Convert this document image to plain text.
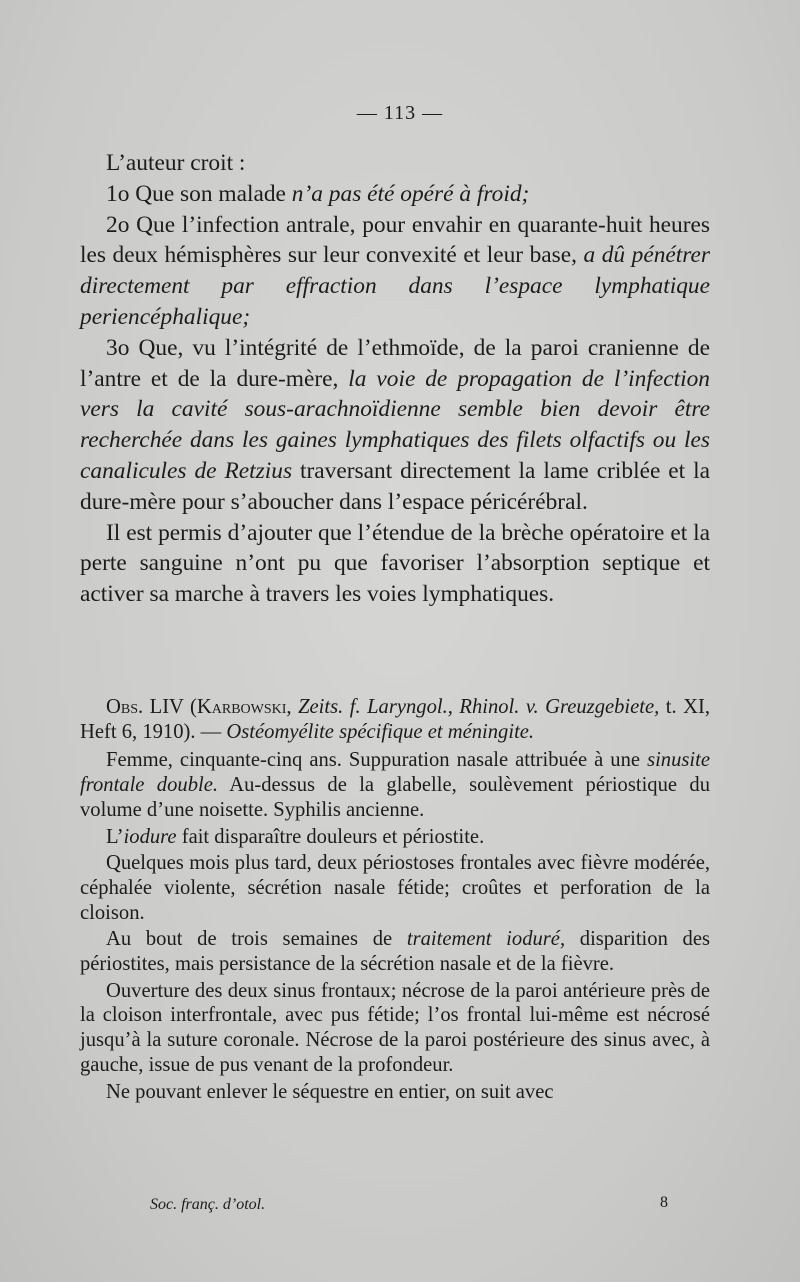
— 113 —

L’auteur croit :

1o Que son malade n’a pas été opéré à froid;

2o Que l’infection antrale, pour envahir en quarante-huit heures les deux hémisphères sur leur convexité et leur base, a dû pénétrer directement par effraction dans l’espace lymphatique periencéphalique;

3o Que, vu l’intégrité de l’ethmoïde, de la paroi cranienne de l’antre et de la dure-mère, la voie de propagation de l’infection vers la cavité sous-arachnoïdienne semble bien devoir être recherchée dans les gaines lymphatiques des filets olfactifs ou les canalicules de Retzius traversant directement la lame criblée et la dure-mère pour s’aboucher dans l’espace péricérébral.

Il est permis d’ajouter que l’étendue de la brèche opératoire et la perte sanguine n’ont pu que favoriser l’absorption septique et activer sa marche à travers les voies lymphatiques.

Obs. LIV (Karbowski, Zeits. f. Laryngol., Rhinol. v. Greuzgebiete, t. XI, Heft 6, 1910). — Ostéomyélite spécifique et méningite.

Femme, cinquante-cinq ans. Suppuration nasale attribuée à une sinusite frontale double. Au-dessus de la glabelle, soulèvement périostique du volume d’une noisette. Syphilis ancienne.

L’iodure fait disparaître douleurs et périostite.

Quelques mois plus tard, deux périostoses frontales avec fièvre modérée, céphalée violente, sécrétion nasale fétide; croûtes et perforation de la cloison.

Au bout de trois semaines de traitement ioduré, disparition des périostites, mais persistance de la sécrétion nasale et de la fièvre.

Ouverture des deux sinus frontaux; nécrose de la paroi antérieure près de la cloison interfrontale, avec pus fétide; l’os frontal lui-même est nécrosé jusqu’à la suture coronale. Nécrose de la paroi postérieure des sinus avec, à gauche, issue de pus venant de la profondeur.

Ne pouvant enlever le séquestre en entier, on suit avec

Soc. franç. d’otol.	8
